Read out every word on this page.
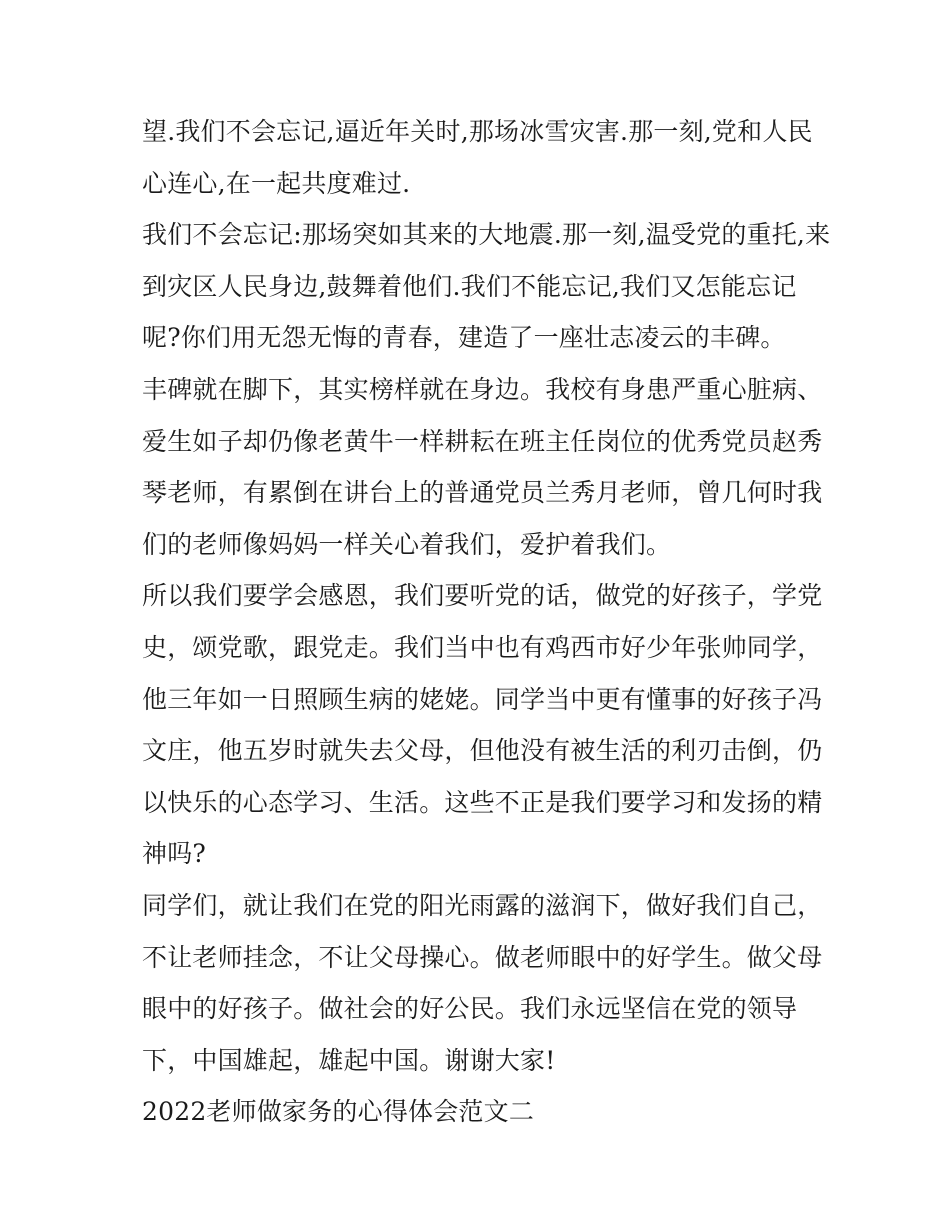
望.我们不会忘记,逼近年关时,那场冰雪灾害.那一刻,党和人民
心连心,在一起共度难过.
我们不会忘记:那场突如其来的大地震.那一刻,温受党的重托,来
到灾区人民身边,鼓舞着他们.我们不能忘记,我们又怎能忘记
呢?你们用无怨无悔的青春，建造了一座壮志凌云的丰碑。
丰碑就在脚下，其实榜样就在身边。我校有身患严重心脏病、
爱生如子却仍像老黄牛一样耕耘在班主任岗位的优秀党员赵秀
琴老师，有累倒在讲台上的普通党员兰秀月老师，曾几何时我
们的老师像妈妈一样关心着我们，爱护着我们。
所以我们要学会感恩，我们要听党的话，做党的好孩子，学党
史，颂党歌，跟党走。我们当中也有鸡西市好少年张帅同学，
他三年如一日照顾生病的姥姥。同学当中更有懂事的好孩子冯
文庄，他五岁时就失去父母，但他没有被生活的利刃击倒，仍
以快乐的心态学习、生活。这些不正是我们要学习和发扬的精
神吗?
同学们，就让我们在党的阳光雨露的滋润下，做好我们自己，
不让老师挂念，不让父母操心。做老师眼中的好学生。做父母
眼中的好孩子。做社会的好公民。我们永远坚信在党的领导
下，中国雄起，雄起中国。谢谢大家!
2022老师做家务的心得体会范文二
